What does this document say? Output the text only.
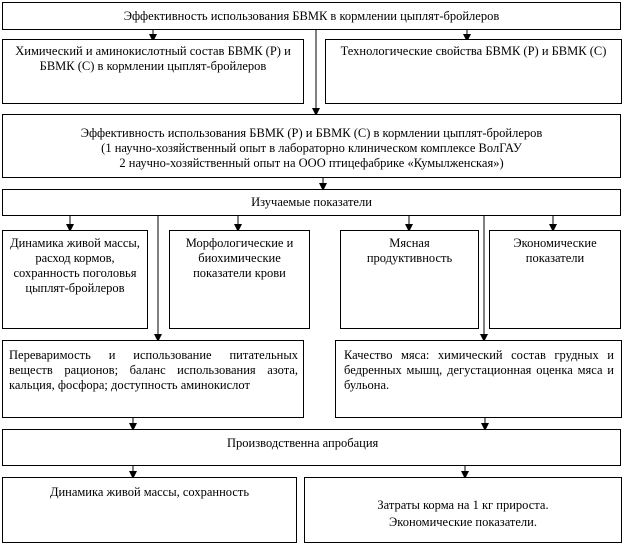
Эффективность использования БВМК в кормлении цыплят-бройлеров
Химический и аминокислотный состав БВМК (Р) и БВМК (С) в кормлении цыплят-бройлеров
Технологические свойства БВМК (Р) и БВМК (С)
Эффективность использования БВМК (Р) и БВМК (С) в кормлении цыплят-бройлеров
(1 научно-хозяйственный опыт в лабораторно клиническом комплексе ВолГАУ
2 научно-хозяйственный опыт на ООО птицефабрике «Кумылженская»)
Изучаемые показатели
Динамика живой массы, расход кормов, сохранность поголовья цыплят-бройлеров
Морфологические и биохимические показатели крови
Мясная продуктивность
Экономические показатели
Переваримость и использование питательных веществ рационов; баланс использования азота, кальция, фосфора; доступность аминокислот
Качество мяса: химический состав грудных и бедренных мышц, дегустационная оценка мяса и бульона.
Производственна апробация
Динамика живой массы, сохранность
Затраты корма на 1 кг прироста.
Экономические показатели.
